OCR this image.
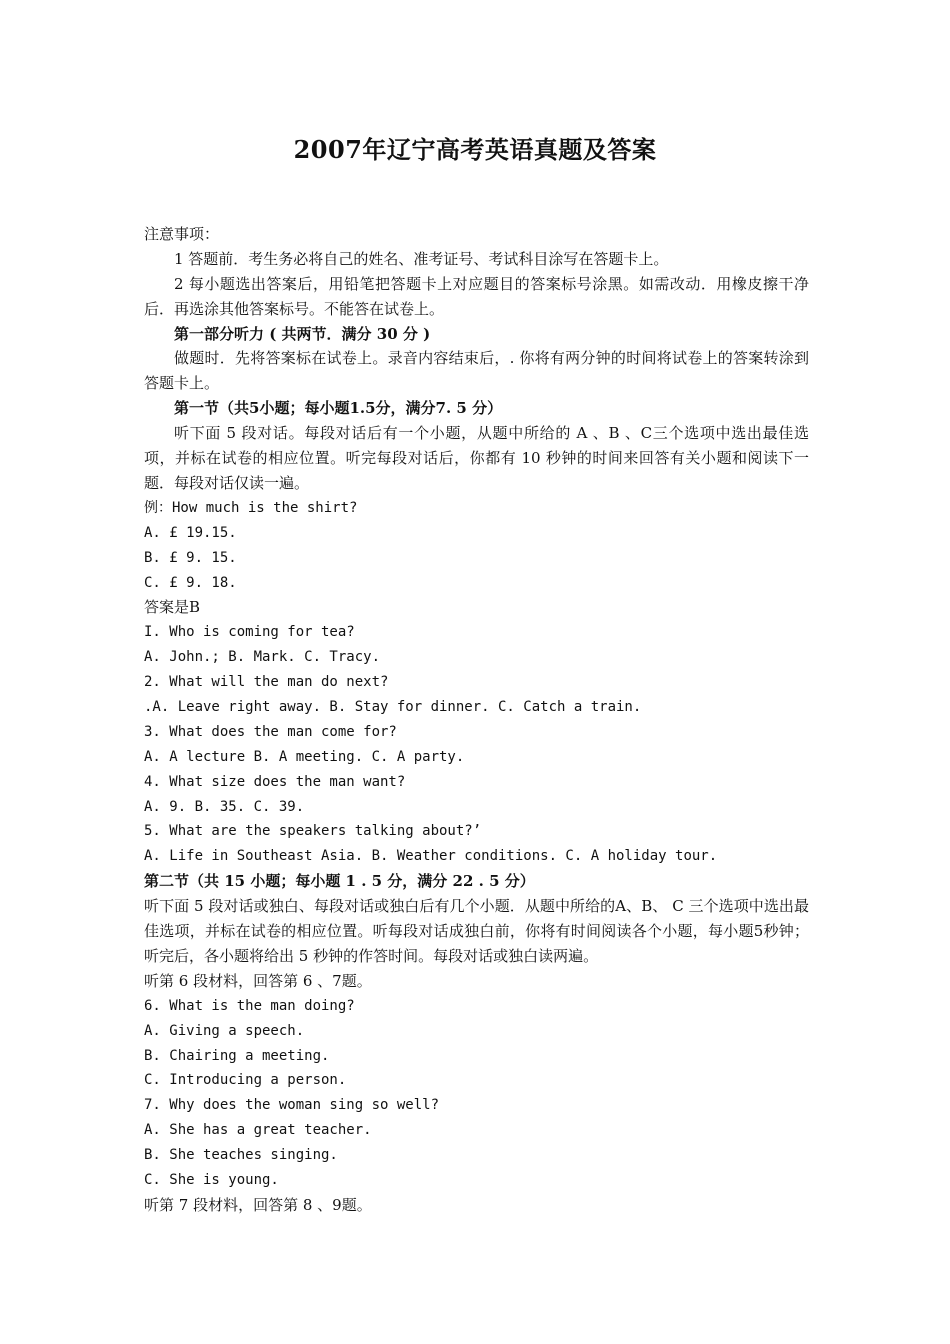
2007年辽宁高考英语真题及答案
注意事项：
1 答题前．考生务必将自己的姓名、准考证号、考试科目涂写在答题卡上。
2 每小题选出答案后，用铅笔把答题卡上对应题目的答案标号涂黑。如需改动．用橡皮擦干净后．再选涂其他答案标号。不能答在试卷上。
第一部分听力 ( 共两节．满分 30 分 )
做题时．先将答案标在试卷上。录音内容结束后，. 你将有两分钟的时间将试卷上的答案转涂到答题卡上。
第一节（共5小题；每小题1.5分，满分7. 5 分）
听下面 5 段对话。每段对话后有一个小题，从题中所给的 A 、B 、C三个选项中选出最佳选项，并标在试卷的相应位置。听完每段对话后，你都有 10 秒钟的时间来回答有关小题和阅读下一题．每段对话仅读一遍。
例：How much is the shirt?
A. £ 19.15.
B. £ 9. 15.
C. £ 9. 18.
答案是B
I. Who is coming for tea?
A. John.; B. Mark. C. Tracy.
2. What will the man do next?
.A. Leave right away. B. Stay for dinner. C. Catch a train.
3. What does the man come for?
A. A lecture B. A meeting. C. A party.
4. What size does the man want?
A. 9. B. 35. C. 39.
5. What are the speakers talking about?’
A. Life in Southeast Asia. B. Weather conditions. C. A holiday tour.
第二节（共 15 小题；每小题 1 . 5 分，满分 22 . 5 分）
听下面 5 段对话或独白、每段对话或独白后有几个小题．从题中所给的A、B、 C 三个选项中选出最佳选项，并标在试卷的相应位置。听每段对话成独白前，你将有时间阅读各个小题，每小题5秒钟；听完后，各小题将给出 5 秒钟的作答时间。每段对话或独白读两遍。
听第 6 段材料，回答第 6 、7题。
6. What is the man doing?
A. Giving a speech.
B. Chairing a meeting.
C. Introducing a person.
7. Why does the woman sing so well?
A. She has a great teacher.
B. She teaches singing.
C. She is young.
听第 7 段材料，回答第 8 、9题。
